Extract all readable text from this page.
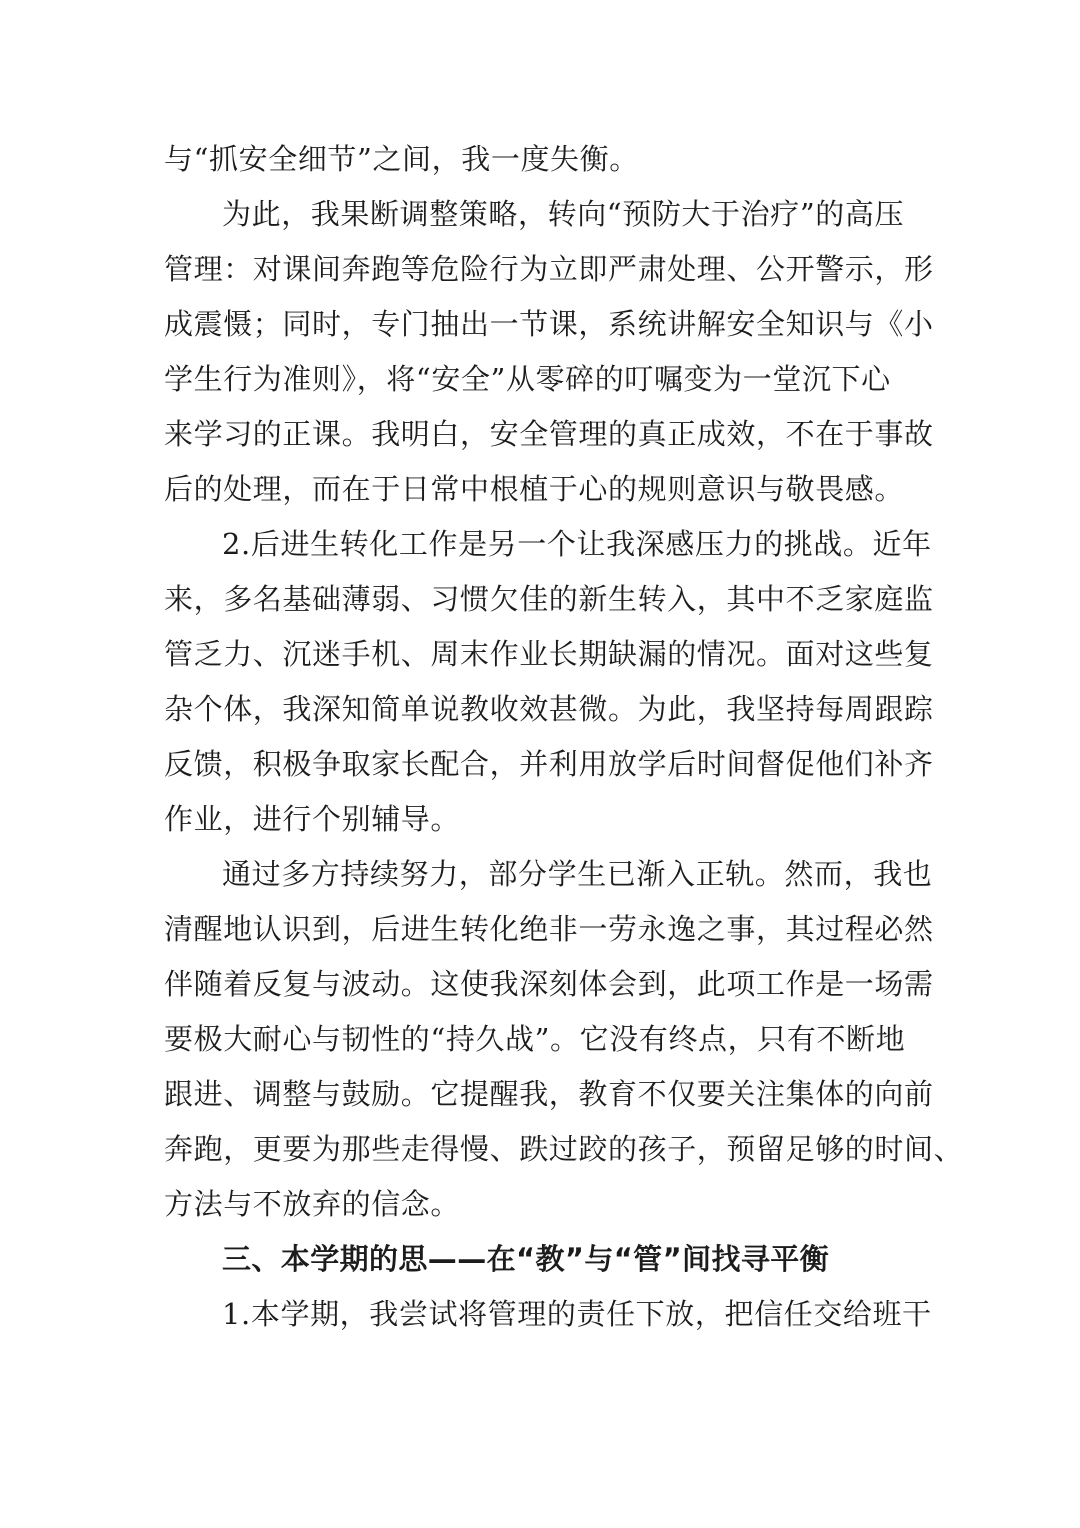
与“抓安全细节”之间，我一度失衡。
为此，我果断调整策略，转向“预防大于治疗”的高压
管理：对课间奔跑等危险行为立即严肃处理、公开警示，形
成震慑；同时，专门抽出一节课，系统讲解安全知识与《小
学生行为准则》，将“安全”从零碎的叮嘱变为一堂沉下心
来学习的正课。我明白，安全管理的真正成效，不在于事故
后的处理，而在于日常中根植于心的规则意识与敬畏感。
2.后进生转化工作是另一个让我深感压力的挑战。近年
来，多名基础薄弱、习惯欠佳的新生转入，其中不乏家庭监
管乏力、沉迷手机、周末作业长期缺漏的情况。面对这些复
杂个体，我深知简单说教收效甚微。为此，我坚持每周跟踪
反馈，积极争取家长配合，并利用放学后时间督促他们补齐
作业，进行个别辅导。
通过多方持续努力，部分学生已渐入正轨。然而，我也
清醒地认识到，后进生转化绝非一劳永逸之事，其过程必然
伴随着反复与波动。这使我深刻体会到，此项工作是一场需
要极大耐心与韧性的“持久战”。它没有终点，只有不断地
跟进、调整与鼓励。它提醒我，教育不仅要关注集体的向前
奔跑，更要为那些走得慢、跌过跤的孩子，预留足够的时间、
方法与不放弃的信念。
三、本学期的思——在“教”与“管”间找寻平衡
1.本学期，我尝试将管理的责任下放，把信任交给班干
